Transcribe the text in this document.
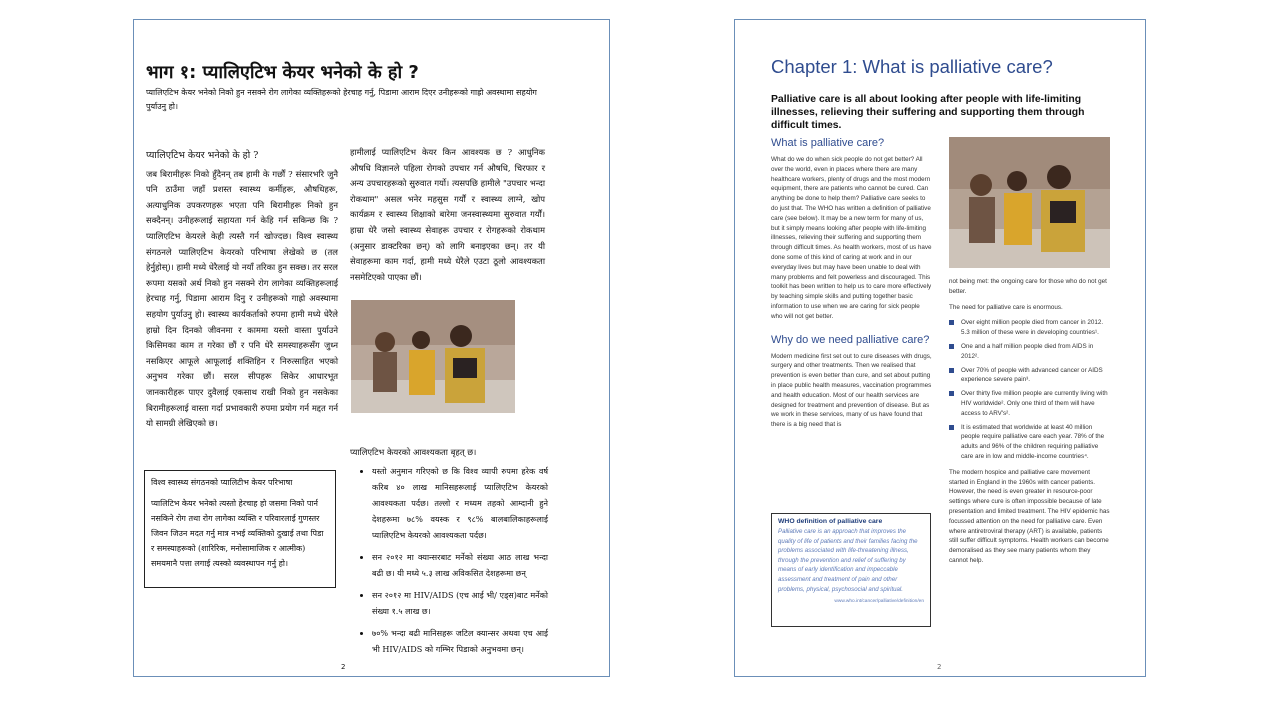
भाग १: प्यालिएटिभ केयर भनेको के हो ?
प्यालिएटिभ केयर भनेको निको हुन नसक्ने रोग लागेका व्यक्तिहरूको हेरचाह गर्नु, पिडामा आराम दिएर उनीहरूको गाह्रो अवस्थामा सहयोग पुर्याउनु हो।
प्यालिएटिभ केयर भनेको के हो ?

जब बिरामीहरू निको हुँदैनन् तब हामी के गर्छौं ? संसारभरि जुनै पनि ठाउँमा जहाँ प्रशस्त स्वास्थ्य कर्मीहरू, औषधिहरू, अत्याधुनिक उपकरणहरू भएता पनि बिरामीहरू निको हुन सक्दैनन्। उनीहरूलाई सहायता गर्न केहि गर्न सकिन्छ कि ? प्यालिएटिभ केयरले केही त्यस्तै गर्न खोज्दछ। विश्व स्वास्थ्य संगठनले प्यालिएटिभ केयरको परिभाषा लेखेको छ (तल हेर्नुहोस्)। हामी मध्ये धेरैलाई यो नयाँ तरिका हुन सक्छ। तर सरल रूपमा यसको अर्थ निको हुन नसक्ने रोग लागेका व्यक्तिहरूलाई हेरचाह गर्नु, पिडामा आराम दिनु र उनीहरूको गाह्रो अवस्थामा सहयोग पुर्याउनु हो। स्वास्थ्य कार्यकर्ताको रुपमा हामी मध्ये धेरैले हाम्रो दिन दिनको जीवनमा र काममा यस्तो वास्ता पुर्याउने किसिमका काम त गरेका छौं र पनि धेरै समस्याहरूसँग जुध्न नसकिएर आफूले आफूलाई शक्तिहिन र निरुत्साहित भएको अनुभव गरेका छौं। सरल सीपहरू सिकेर आधारभूत जानकारीहरू पाएर दुवैलाई एकसाथ राखी निको हुन नसकेका बिरामीहरूलाई वास्ता गर्दा प्रभावकारी रुपमा प्रयोग गर्न मद्दत गर्न यो सामग्री लेखिएको छ।

हामीलाई प्यालिएटिभ केयर किन आवश्यक छ ? आधुनिक औषधि विज्ञानले पहिला रोगको उपचार गर्न औषधि, चिरफार र अन्य उपचारहरूको सुरुवात गर्यो। त्यसपछि हामीले "उपचार भन्दा रोकथाम" असल भनेर महसुस गर्यौं र स्वास्थ्य लाग्ने, खोप कार्यक्रम र स्वास्थ्य शिक्षाको बारेमा जनस्वास्थ्यमा सुरुवात गर्यौं। हाम्रा धेरै जसो स्वास्थ्य सेवाहरू उपचार र रोगहरूको रोकथाम (अनुसार डाक्टरिका छन्) को लागि बनाइएका छन्। तर यी सेवाहरूमा काम गर्दा, हामी मध्ये धेरैले एउटा ठूलो आवश्यकता नसमेटिएको पाएका छौं।

प्यालिएटिभ केयरको आवश्यकता बृहत् छ।
• यस्तो अनुमान गरिएको छ कि विश्व व्यापी रुपमा हरेक वर्ष करिब ४० लाख मानिसहरूलाई प्यालिएटिभ केयरको आवश्यकता पर्दछ। तल्लो र मध्यम तहको आम्दानी हुने देशहरूमा ७८% वयस्क र ९८% बालबालिकाहरूलाई प्यालिएटिभ केयरको आवश्यकता पर्दछ।
• सन २०१२ मा क्यान्सरबाट मर्नेको संख्या आठ लाख भन्दा बढी छ। यी मध्ये ५.३ लाख अविकसित देशहरूमा छन्
• सन २०१२ मा HIV/AIDS (एच आई भी/ एड्स)बाट मर्नेको संख्या १.५ लाख छ।
• ७०% भन्दा बढी मानिसहरू जटिल क्यान्सर अथवा एच आई भी HIV/AIDS को गम्भिर पिडाको अनुभवमा छन्।
विश्व स्वास्थ्य संगठनको प्यालिटीभ केयर परिभाषा
प्यालिटिभ केयर भनेको त्यस्तो हेरचाह हो जसमा निको पार्न नसकिने रोग तथा रोग लागेका व्यक्ति र परिवारलाई गुणस्तर जिवन जिउन मदत गर्नु मात्र नभई व्यक्तिको दुखाई तथा पिडा र समस्याहरूको (शारिरिक, मनोसामाजिक र आत्मीक) समयमानै पत्ता लगाई त्यस्को व्यवस्थापन गर्नु हो।
2
Chapter 1: What is palliative care?
Palliative care is all about looking after people with life-limiting illnesses, relieving their suffering and supporting them through difficult times.
What is palliative care?

What do we do when sick people do not get better? All over the world, even in places where there are many healthcare workers, plenty of drugs and the most modern equipment, there are patients who cannot be cured. Can anything be done to help them? Palliative care seeks to do just that. The WHO has written a definition of palliative care (see below). It may be a new term for many of us, but it simply means looking after people with life-limiting illnesses, relieving their suffering and supporting them through difficult times. As health workers, most of us have done some of this kind of caring at work and in our everyday lives but may have been unable to deal with many problems and felt powerless and discouraged. This toolkit has been written to help us to care more effectively by teaching simple skills and putting together basic information to use when we are caring for sick people who will not get better.

Why do we need palliative care?

Modern medicine first set out to cure diseases with drugs, surgery and other treatments. Then we realised that prevention is even better than cure, and set about putting in place public health measures, vaccination programmes and health education. Most of our health services are designed for treatment and prevention of disease. But as we work in these services, many of us have found that there is a big need that is

not being met: the ongoing care for those who do not get better.

The need for palliative care is enormous.

Over eight million people died from cancer in 2012. 5.3 million of these were in developing countries¹.
One and a half million people died from AIDS in 2012².
Over 70% of people with advanced cancer or AIDS experience severe pain³.
Over thirty five million people are currently living with HIV worldwide². Only one third of them will have access to ARV's².
It is estimated that worldwide at least 40 million people require palliative care each year. 78% of the adults and 96% of the children requiring palliative care are in low and middle-income countries⁴.

The modern hospice and palliative care movement started in England in the 1960s with cancer patients. However, the need is even greater in resource-poor settings where cure is often impossible because of late presentation and limited treatment. The HIV epidemic has focussed attention on the need for palliative care. Even where antiretroviral therapy (ART) is available, patients still suffer difficult symptoms. Health workers can become demoralised as they see many patients whom they cannot help.

WHO definition of palliative care
Palliative care is an approach that improves the quality of life of patients and their families facing the problems associated with life-threatening illness, through the prevention and relief of suffering by means of early identification and impeccable assessment and treatment of pain and other problems, physical, psychosocial and spiritual.
www.who.int/cancer/palliative/definition/en
2
